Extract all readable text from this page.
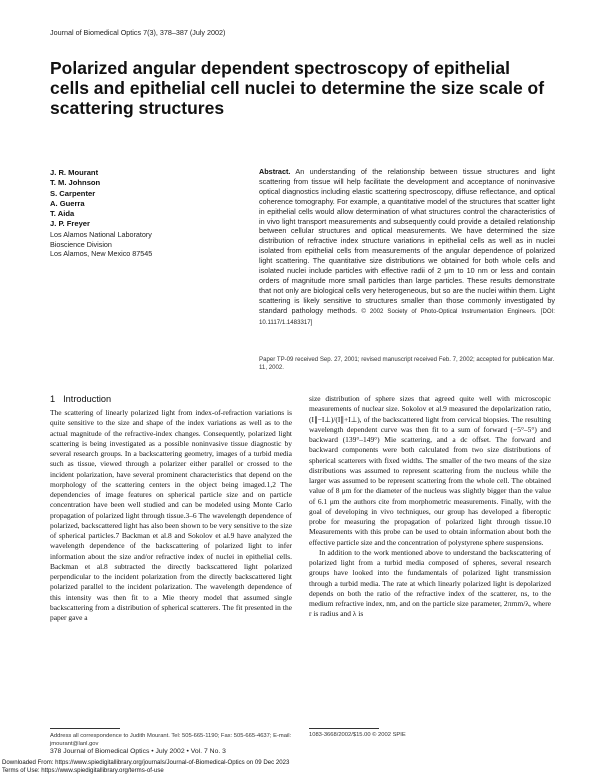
Journal of Biomedical Optics 7(3), 378–387 (July 2002)
Polarized angular dependent spectroscopy of epithelial cells and epithelial cell nuclei to determine the size scale of scattering structures
J. R. Mourant
T. M. Johnson
S. Carpenter
A. Guerra
T. Aida
J. P. Freyer
Los Alamos National Laboratory
Bioscience Division
Los Alamos, New Mexico 87545
Abstract. An understanding of the relationship between tissue structures and light scattering from tissue will help facilitate the development and acceptance of noninvasive optical diagnostics including elastic scattering spectroscopy, diffuse reflectance, and optical coherence tomography. For example, a quantitative model of the structures that scatter light in epithelial cells would allow determination of what structures control the characteristics of in vivo light transport measurements and subsequently could provide a detailed relationship between cellular structures and optical measurements. We have determined the size distribution of refractive index structure variations in epithelial cells as well as in nuclei isolated from epithelial cells from measurements of the angular dependence of polarized light scattering. The quantitative size distributions we obtained for both whole cells and isolated nuclei include particles with effective radii of 2 μm to 10 nm or less and contain orders of magnitude more small particles than large particles. These results demonstrate that not only are biological cells very heterogeneous, but so are the nuclei within them. Light scattering is likely sensitive to structures smaller than those commonly investigated by standard pathology methods. © 2002 Society of Photo-Optical Instrumentation Engineers. [DOI: 10.1117/1.1483317]
Paper TP-09 received Sep. 27, 2001; revised manuscript received Feb. 7, 2002; accepted for publication Mar. 11, 2002.
1 Introduction

The scattering of linearly polarized light from index-of-refraction variations is quite sensitive to the size and shape of the index variations as well as to the actual magnitude of the refractive-index changes. Consequently, polarized light scattering is being investigated as a possible noninvasive tissue diagnostic by several research groups. In a backscattering geometry, images of a turbid media such as tissue, viewed through a polarizer either parallel or crossed to the incident polarization, have several prominent characteristics that depend on the morphology of the scattering centers in the object being imaged.1,2 The dependencies of image features on spherical particle size and on particle concentration have been well studied and can be modeled using Monte Carlo propagation of polarized light through tissue.3–6 The wavelength dependence of polarized, backscattered light has also been shown to be very sensitive to the size of spherical particles.7 Backman et al.8 and Sokolov et al.9 have analyzed the wavelength dependence of the backscattering of polarized light to infer information about the size and/or refractive index of nuclei in epithelial cells. Backman et al.8 subtracted the directly backscattered light polarized perpendicular to the incident polarization from the directly backscattered light polarized parallel to the incident polarization. The wavelength dependence of this intensity was then fit to a Mie theory model that assumed single backscattering from a distribution of spherical scatterers. The fit presented in the paper gave a

size distribution of sphere sizes that agreed quite well with microscopic measurements of nuclear size. Sokolov et al.9 measured the depolarization ratio, (I∥−I⊥)/(I∥+I⊥), of the backscattered light from cervical biopsies. The resulting wavelength dependent curve was then fit to a sum of forward (−5°–5°) and backward (139°–149°) Mie scattering, and a dc offset. The forward and backward components were both calculated from two size distributions of spherical scatterers with fixed widths. The smaller of the two means of the size distributions was assumed to represent scattering from the nucleus while the larger was assumed to be represent scattering from the whole cell. The obtained value of 8 μm for the diameter of the nucleus was slightly bigger than the value of 6.1 μm the authors cite from morphometric measurements. Finally, with the goal of developing in vivo techniques, our group has developed a fiberoptic probe for measuring the propagation of polarized light through tissue.10 Measurements with this probe can be used to obtain information about both the effective particle size and the concentration of polystyrene sphere suspensions.

In addition to the work mentioned above to understand the backscattering of polarized light from a turbid media composed of spheres, several research groups have looked into the fundamentals of polarized light transmission through a turbid media. The rate at which linearly polarized light is depolarized depends on both the ratio of the refractive index of the scatterer, ns, to the medium refractive index, nm, and on the particle size parameter, 2πrnm/λ, where r is radius and λ is

Address all correspondence to Judith Mourant. Tel: 505-665-1190; Fax: 505-665-4637; E-mail: jmourant@lanl.gov
1083-3668/2002/$15.00 © 2002 SPIE
378 Journal of Biomedical Optics • July 2002 • Vol. 7 No. 3
Downloaded From: https://www.spiedigitallibrary.org/journals/Journal-of-Biomedical-Optics on 09 Dec 2023
Terms of Use: https://www.spiedigitallibrary.org/terms-of-use
